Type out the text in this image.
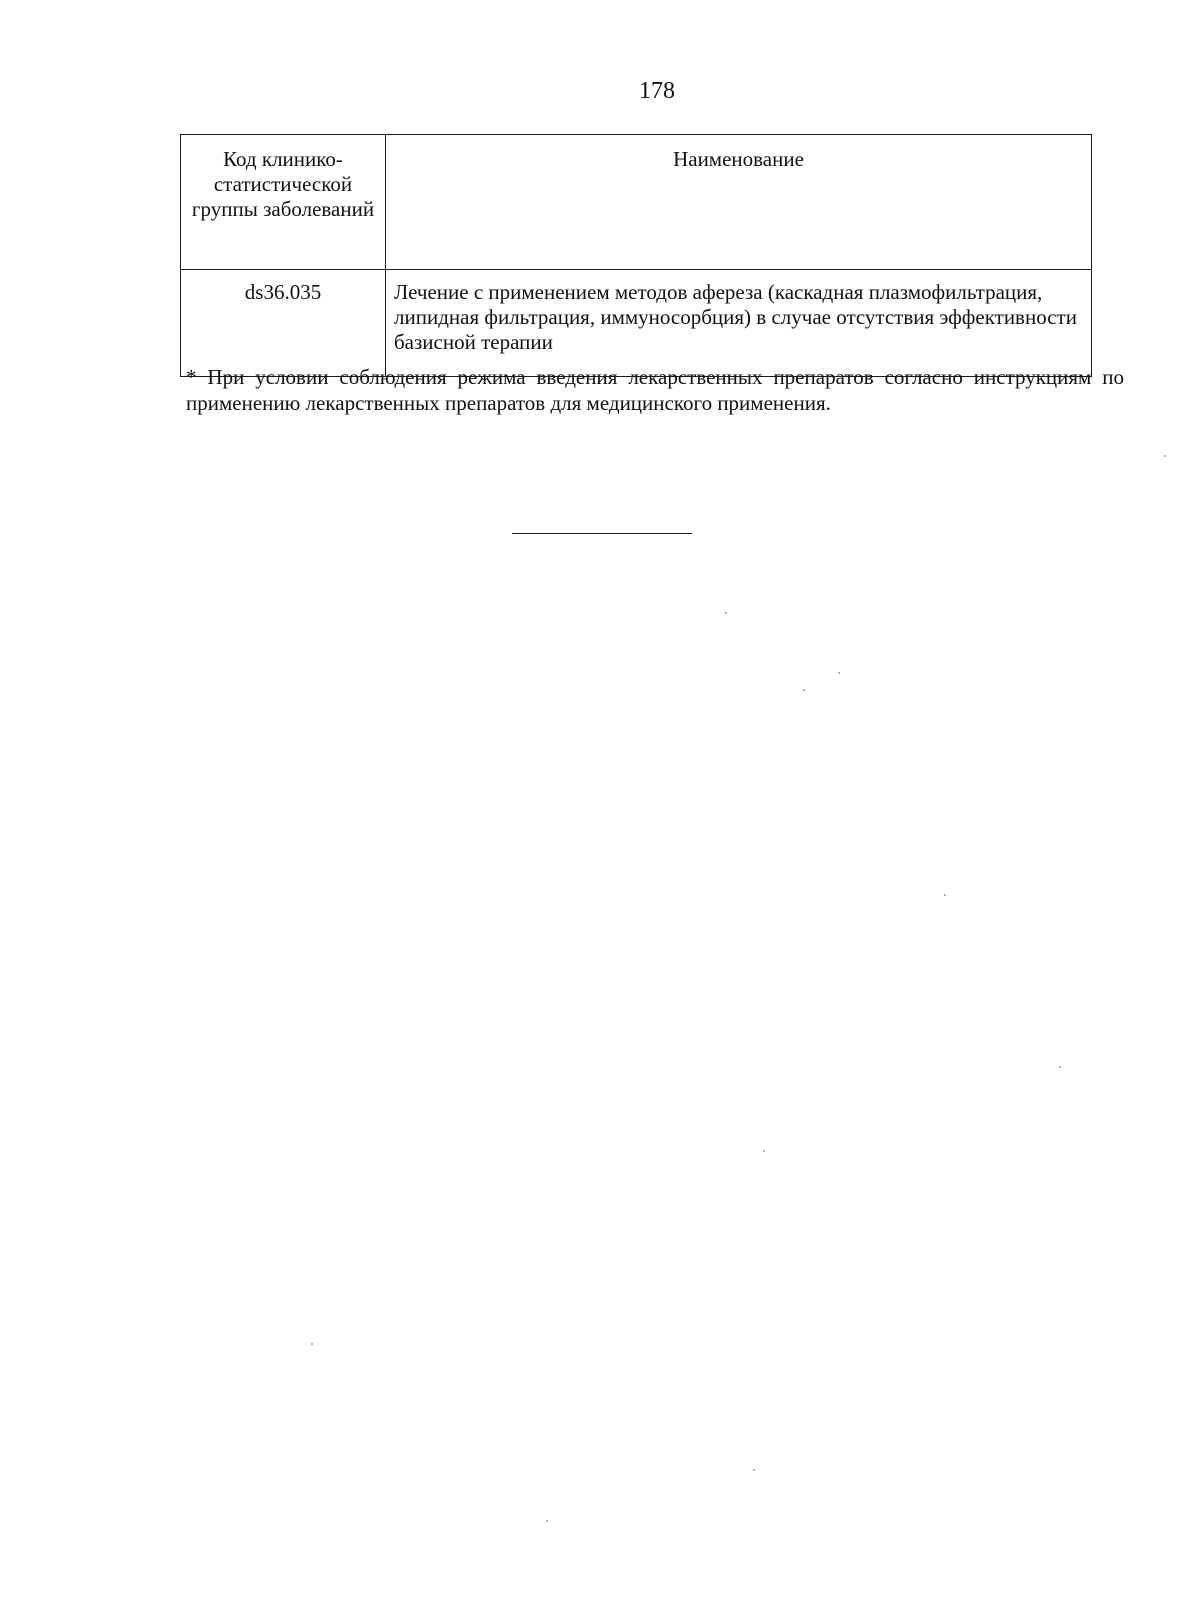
178
Код клинико-статистической группы заболеваний	Наименование
ds36.035	Лечение с применением методов афереза (каскадная плазмофильтрация, липидная фильтрация, иммуносорбция) в случае отсутствия эффективности базисной терапии
* При условии соблюдения режима введения лекарственных препаратов согласно инструкциям по применению лекарственных препаратов для медицинского применения.
